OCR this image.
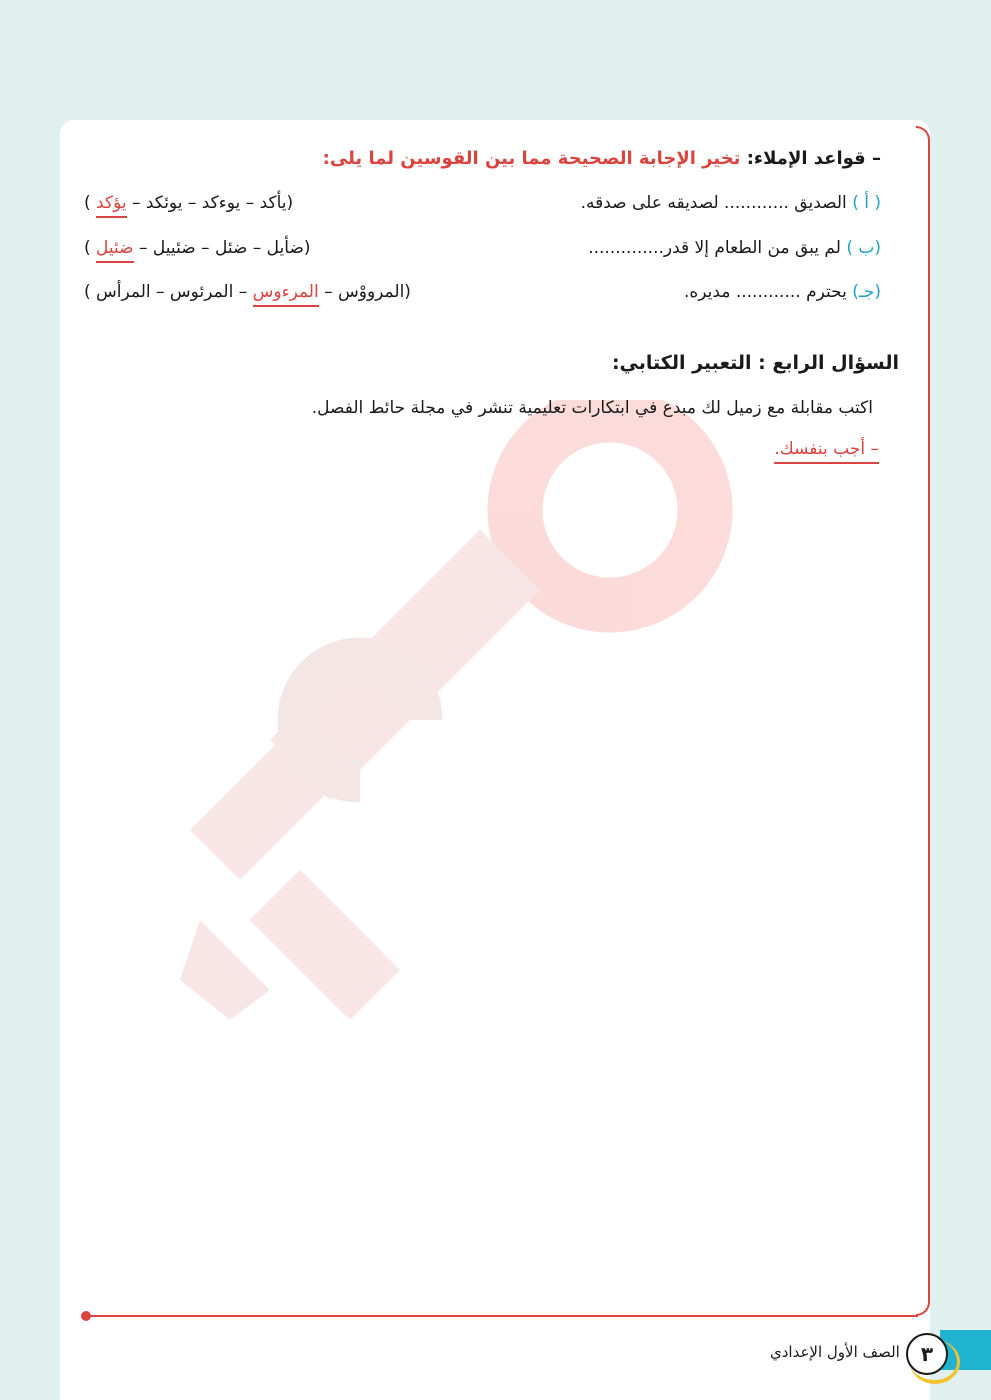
– قواعد الإملاء: تخير الإجابة الصحيحة مما بين القوسين لما يلى:
( أ ) الصديق ............ لصديقه على صدقه.
(يأكد – يوءكد – يوئكد – يؤكد )
(ب ) لم يبق من الطعام إلا قدر..............
(ضأيل – ضئل – ضئييل – ضئيل )
(جـ) يحترم ............ مديره.
(المرووْس – المرءوس – المرئوس – المرأس )
السؤال الرابع : التعبير الكتابي:
اكتب مقابلة مع زميل لك مبدع في ابتكارات تعليمية تنشر في مجلة حائط الفصل.
– أجب بنفسك.
٣
الصف الأول الإعدادي
